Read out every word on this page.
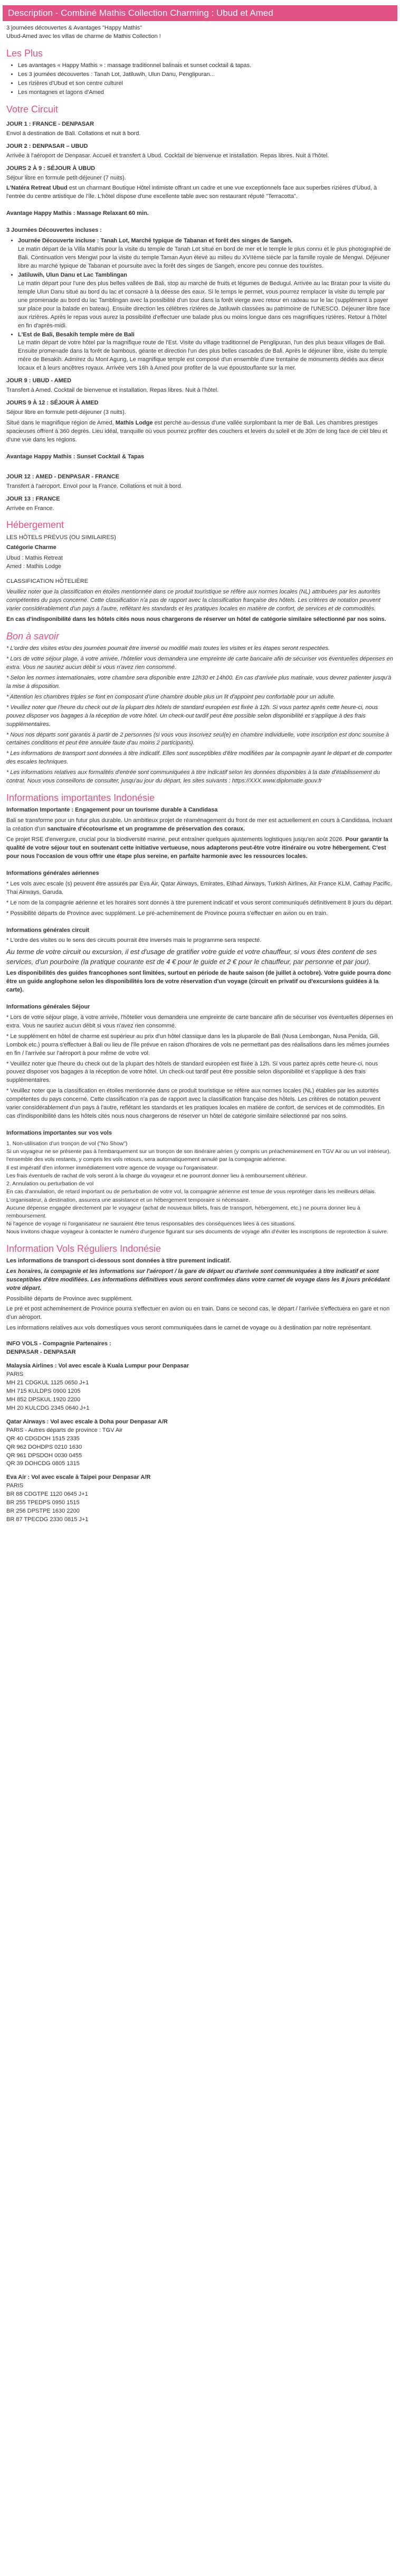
Description - Combiné Mathis Collection Charming : Ubud et Amed

3 journées découvertes & Avantages "Happy Mathis"

Ubud-Amed avec les villas de charme de Mathis Collection !

Les Plus
• Les avantages « Happy Mathis » : massage traditionnel balinais et sunset cocktail & tapas.
• Les 3 journées découvertes : Tanah Lot, Jatiluwih, Ulun Danu, Penglipuran...
• Les rizières d'Ubud et son centre culturel
• Les montagnes et lagons d'Amed
Votre Circuit
JOUR 1 : FRANCE - DENPASAR

Envol à destination de Bali. Collations et nuit à bord.

JOUR 2 : DENPASAR – UBUD

Arrivée à l'aéroport de Denpasar. Accueil et transfert à Ubud. Cocktail de bienvenue et installation. Repas libres. Nuit à l'hôtel.

JOURS 2 À 9 : SÉJOUR À UBUD

Séjour libre en formule petit-déjeuner (7 nuits).

L'Natéra Retreat Ubud est un charmant Boutique Hôtel intimiste offrant un cadre et une vue exceptionnels face aux superbes rizières d'Ubud, à l'entrée du centre artistique de l'île. L'hôtel dispose d'une excellente table avec son restaurant réputé "Terracotta".

Avantage Happy Mathis : Massage Relaxant 60 min.

3 Journées Découvertes incluses :

• Journée Découverte incluse : Tanah Lot, Marché typique de Tabanan et forêt des singes de Sangeh.
Le matin départ de la Villa Mathis pour la visite du temple de Tanah Lot situé en bord de mer et le temple le plus connu et le plus photographié de Bali. Continuation vers Mengwi pour la visite du temple Taman Ayun élevé au milieu du XVIIème siècle par la famille royale de Mengwi. Déjeuner libre au marché typique de Tabanan et poursuite avec la forêt des singes de Sangeh, encore peu connue des touristes.
• Jatiluwih, Ulun Danu et Lac Tamblingan
Le matin départ pour l'une des plus belles vallées de Bali, stop au marché de fruits et légumes de Bedugul. Arrivée au lac Bratan pour la visite du temple Ulun Danu situé au bord du lac et consacré à la déesse des eaux. Si le temps le permet, vous pourrez remplacer la visite du temple par une promenade au bord du lac Tamblingan avec la possibilité d'un tour dans la forêt vierge avec retour en radeau sur le lac (supplément à payer sur place pour la balade en bateau). Ensuite direction les célèbres rizières de Jatiluwih classées au patrimoine de l'UNESCO. Déjeuner libre face aux rizières. Après le repas vous aurez la possibilité d'effectuer une balade plus ou moins longue dans ces magnifiques rizières. Retour à l'hôtel en fin d'après-midi.
• L'Est de Bali, Besakih temple mère de Bali
Le matin départ de votre hôtel par la magnifique route de l'Est. Visite du village traditionnel de Penglipuran, l'un des plus beaux villages de Bali. Ensuite promenade dans la forêt de bambous, géante et direction l'un des plus belles cascades de Bali. Après le déjeuner libre, visite du temple mère de Besakih. Admirez du Mont Agung, Le magnifique temple est composé d'un ensemble d'une trentaine de monuments dédiés aux dieux locaux et à leurs ancêtres royaux. Arrivée vers 16h à Amed pour profiter de la vue époustouflante sur la mer.
JOUR 9 : UBUD - AMED

Transfert à Amed. Cocktail de bienvenue et installation. Repas libres. Nuit à l'hôtel.

JOURS 9 À 12 : SÉJOUR À AMED

Séjour libre en formule petit-déjeuner (3 nuits).

Situé dans le magnifique région de Amed, Mathis Lodge est perché au-dessus d'une vallée surplombant la mer de Bali. Les chambres prestiges spacieuses offrent à 360 degrés. Lieu idéal, tranquille où vous pourrez profiter des couchers et levers du soleil et de 30m de long face de ciel bleu et d'une vue dans les régions.

Avantage Happy Mathis : Sunset Cocktail & Tapas

JOUR 12 : AMED - DENPASAR - FRANCE

Transfert à l'aéroport. Envol pour la France. Collations et nuit à bord.

JOUR 13 : FRANCE

Arrivée en France.

Hébergement

LES HÔTELS PRÉVUS (OU SIMILAIRES)

Catégorie Charme

Ubud : Mathis Retreat

Amed : Mathis Lodge

CLASSIFICATION HÔTELIÈRE

Veuillez noter que la classification en étoiles mentionnée dans ce produit touristique se réfère aux normes locales (NL) attribuées par les autorités compétentes du pays concerné. Cette classification n'a pas de rapport avec la classification française des hôtels. Les critères de notation peuvent varier considérablement d'un pays à l'autre, reflétant les standards et les pratiques locales en matière de confort, de services et de commodités.

En cas d'indisponibilité dans les hôtels cités nous nous chargerons de réserver un hôtel de catégorie similaire sélectionné par nos soins.

Bon à savoir

* L'ordre des visites et/ou des journées pourrait être inversé ou modifié mais toutes les visites et les étapes seront respectées.

* Lors de votre séjour plage, à votre arrivée, l'hôtelier vous demandera une empreinte de carte bancaire afin de sécuriser vos éventuelles dépenses en extra. Vous ne sauriez aucun débit si vous n'avez rien consommé.

* Selon les normes internationales, votre chambre sera disponible entre 12h30 et 14h00. En cas d'arrivée plus matinale, vous devrez patienter jusqu'à la mise à disposition.

* Attention les chambres triples se font en composant d'une chambre double plus un lit d'appoint peu confortable pour un adulte.

* Veuillez noter que l'heure du check out de la plupart des hôtels de standard européen est fixée à 12h. Si vous partez après cette heure-ci, nous pouvez disposer vos bagages à la réception de votre hôtel. Un check-out tardif peut être possible selon disponibilité et s'applique à des frais supplémentaires.

* Nous nos départs sont garantis à partir de 2 personnes (si vous vous inscrivez seul(e) en chambre individuelle, votre inscription est donc soumise à certaines conditions et peut être annulée faute d'au moins 2 participants).

* Les informations de transport sont données à titre indicatif. Elles sont susceptibles d'être modifiées par la compagnie ayant le départ et de comporter des escales techniques.

* Les informations relatives aux formalités d'entrée sont communiquées à titre indicatif selon les données disponibles à la date d'établissement du contrat. Nous vous conseillons de consulter, jusqu'au jour du départ, les sites suivants : https://XXX.www.diplomatie.gouv.fr

Informations importantes Indonésie

Information Importante : Engagement pour un tourisme durable à Candidasa

Bali se transforme pour un futur plus durable. Un ambitieux projet de réaménagement du front de mer est actuellement en cours à Candidasa, incluant la création d'un sanctuaire d'écotourisme et un programme de préservation des coraux.

Ce projet RSE d'envergure, crucial pour la biodiversité marine, peut entraîner quelques ajustements logistiques jusqu'en août 2026. Pour garantir la qualité de votre séjour tout en soutenant cette initiative vertueuse, nous adapterons peut-être votre itinéraire ou votre hébergement. C'est pour nous l'occasion de vous offrir une étape plus sereine, en parfaite harmonie avec les ressources locales.

Informations générales aériennes

* Les vols avec escale (s) peuvent être assurés par Eva Air, Qatar Airways, Emirates, Etihad Airways, Turkish Airlines, Air France KLM, Cathay Pacific, Thai Airways, Garuda.

* Le nom de la compagnie aérienne et les horaires sont donnés à titre purement indicatif et vous seront communiqués définitivement 8 jours du départ.

* Possibilité départs de Province avec supplément. Le pré-acheminement de Province pourra s'effectuer en avion ou en train.

Informations générales circuit

* L'ordre des visites ou le sens des circuits pourrait être inversés mais le programme sera respecté.

Au terme de votre circuit ou excursion, il est d'usage de gratifier votre guide et votre chauffeur, si vous êtes content de ses services, d'un pourboire (la pratique courante est de 4 € pour le guide et 2 € pour le chauffeur, par personne et par jour).

Les disponibilités des guides francophones sont limitées, surtout en période de haute saison (de juillet à octobre). Votre guide pourra donc être un guide anglophone selon les disponibilités lors de votre réservation d'un voyage (circuit en privatif ou d'excursions guidées à la carte).

Informations générales Séjour

* Lors de votre séjour plage, à votre arrivée, l'hôtelier vous demandera une empreinte de carte bancaire afin de sécuriser vos éventuelles dépenses en extra. Vous ne sauriez aucun débit si vous n'avez rien consommé.

* Le supplément en hôtel de charme est supérieur au prix d'un hôtel classique dans les la pluparole de Bali (Nusa Lembongan, Nusa Penida, Gili, Lombok etc.) pourra s'effectuer à Bali ou lieu de l'île prévue en raison d'horaires de vols ne permettant pas des réalisations dans les mêmes journées en fin / l'arrivée sur l'aéroport à pour même de votre vol.

* Veuillez noter que l'heure du check out de la plupart des hôtels de standard européen est fixée à 12h. Si vous partez après cette heure-ci, nous pouvez disposer vos bagages à la réception de votre hôtel. Un check-out tardif peut être possible selon disponibilité et s'applique à des frais supplémentaires.

* Veuillez noter que la classification en étoiles mentionnée dans ce produit touristique se réfère aux normes locales (NL) établies par les autorités compétentes du pays concerné. Cette classification n'a pas de rapport avec la classification française des hôtels. Les critères de notation peuvent varier considérablement d'un pays à l'autre, reflétant les standards et les pratiques locales en matière de confort, de services et de commodités. En cas d'indisponibilité dans les hôtels cités nous nous chargerons de réserver un hôtel de catégorie similaire sélectionné par nos soins.

Informations importantes sur vos vols

1. Non-utilisation d'un tronçon de vol ("No Show")

Si un voyageur ne se présente pas à l'embarquement sur un tronçon de son itinéraire aérien (y compris un préacheminement en TGV Air ou un vol intérieur), l'ensemble des vols restants, y compris les vols retours, sera automatiquement annulé par la compagnie aérienne.

Il est impératif d'en informer immédiatement votre agence de voyage ou l'organisateur.

Les frais éventuels de rachat de vols seront à la charge du voyageur et ne pourront donner lieu à remboursement ultérieur.

2. Annulation ou perturbation de vol

En cas d'annulation, de retard important ou de perturbation de votre vol, la compagnie aérienne est tenue de vous reprotéger dans les meilleurs délais.

L'organisateur, à destination, assurera une assistance et un hébergement temporaire si nécessaire.

Aucune dépense engagée directement par le voyageur (achat de nouveaux billets, frais de transport, hébergement, etc.) ne pourra donner lieu à remboursement.

Ni l'agence de voyage ni l'organisateur ne sauraient être tenus responsables des conséquences liées à ces situations.

Nous invitons chaque voyageur à contacter le numéro d'urgence figurant sur ses documents de voyage afin d'éviter les inscriptions de reprotection à suivre.

Information Vols Réguliers Indonésie

Les informations de transport ci-dessous sont données à titre purement indicatif.

Les horaires, la compagnie et les informations sur l'aéroport / la gare de départ ou d'arrivée sont communiquées à titre indicatif et sont susceptibles d'être modifiées. Les informations définitives vous seront confirmées dans votre carnet de voyage dans les 8 jours précédant votre départ.

Possibilité départs de Province avec supplément.

Le pré et post acheminement de Province pourra s'effectuer en avion ou en train. Dans ce second cas, le départ / l'arrivée s'effectuera en gare et non d'un aéroport.

Les informations relatives aux vols domestiques vous seront communiquées dans le carnet de voyage ou à destination par notre représentant.

INFO VOLS - Compagnie Partenaires :

DENPASAR - DENPASAR

Malaysia Airlines : Vol avec escale à Kuala Lumpur pour Denpasar

PARIS

MH 21 CDGKUL 1125 0650 J+1

MH 715 KULDPS 0900 1205

MH 852 DPSKUL 1920 2200

MH 20 KULCDG 2345 0640 J+1

Qatar Airways : Vol avec escale à Doha pour Denpasar A/R

PARIS - Autres départs de province : TGV Air

QR 40 CDGDOH 1515 2335

QR 962 DOHDPS 0210 1630

QR 961 DPSDOH 0030 0455

QR 39 DOHCDG 0805 1315

Eva Air : Vol avec escale à Taipei pour Denpasar A/R

PARIS

BR 88 CDGTPE 1120 0645 J+1

BR 255 TPEDPS 0950 1515

BR 256 DPSTPE 1630 2200

BR 87 TPECDG 2330 0815 J+1
